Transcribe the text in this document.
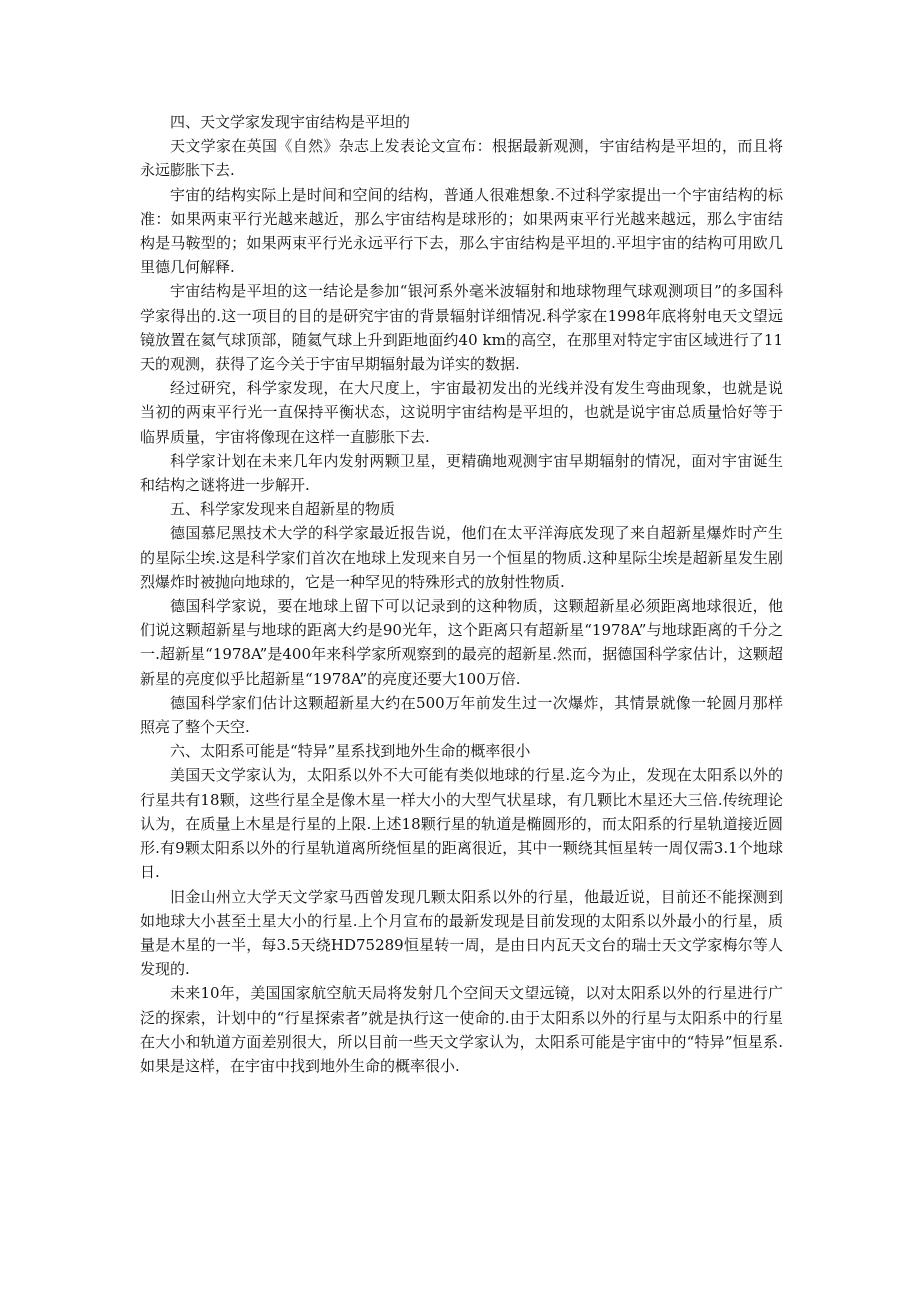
四、天文学家发现宇宙结构是平坦的

天文学家在英国《自然》杂志上发表论文宣布：根据最新观测，宇宙结构是平坦的，而且将永远膨胀下去.

宇宙的结构实际上是时间和空间的结构，普通人很难想象.不过科学家提出一个宇宙结构的标准：如果两束平行光越来越近，那么宇宙结构是球形的；如果两束平行光越来越远，那么宇宙结构是马鞍型的；如果两束平行光永远平行下去，那么宇宙结构是平坦的.平坦宇宙的结构可用欧几里德几何解释.

宇宙结构是平坦的这一结论是参加“银河系外毫米波辐射和地球物理气球观测项目”的多国科学家得出的.这一项目的目的是研究宇宙的背景辐射详细情况.科学家在1998年底将射电天文望远镜放置在氦气球顶部，随氦气球上升到距地面约40 km的高空，在那里对特定宇宙区域进行了11天的观测，获得了迄今关于宇宙早期辐射最为详实的数据.

经过研究，科学家发现，在大尺度上，宇宙最初发出的光线并没有发生弯曲现象，也就是说当初的两束平行光一直保持平衡状态，这说明宇宙结构是平坦的，也就是说宇宙总质量恰好等于临界质量，宇宙将像现在这样一直膨胀下去.

科学家计划在未来几年内发射两颗卫星，更精确地观测宇宙早期辐射的情况，面对宇宙诞生和结构之谜将进一步解开.

五、科学家发现来自超新星的物质

德国慕尼黑技术大学的科学家最近报告说，他们在太平洋海底发现了来自超新星爆炸时产生的星际尘埃.这是科学家们首次在地球上发现来自另一个恒星的物质.这种星际尘埃是超新星发生剧烈爆炸时被抛向地球的，它是一种罕见的特殊形式的放射性物质.

德国科学家说，要在地球上留下可以记录到的这种物质，这颗超新星必须距离地球很近，他们说这颗超新星与地球的距离大约是90光年，这个距离只有超新星“1978A”与地球距离的千分之一.超新星“1978A”是400年来科学家所观察到的最亮的超新星.然而，据德国科学家估计，这颗超新星的亮度似乎比超新星“1978A”的亮度还要大100万倍.

德国科学家们估计这颗超新星大约在500万年前发生过一次爆炸，其情景就像一轮圆月那样照亮了整个天空.

六、太阳系可能是“特异”星系找到地外生命的概率很小

美国天文学家认为，太阳系以外不大可能有类似地球的行星.迄今为止，发现在太阳系以外的行星共有18颗，这些行星全是像木星一样大小的大型气状星球，有几颗比木星还大三倍.传统理论认为，在质量上木星是行星的上限.上述18颗行星的轨道是椭圆形的，而太阳系的行星轨道接近圆形.有9颗太阳系以外的行星轨道离所绕恒星的距离很近，其中一颗绕其恒星转一周仅需3.1个地球日.

旧金山州立大学天文学家马西曾发现几颗太阳系以外的行星，他最近说，目前还不能探测到如地球大小甚至土星大小的行星.上个月宣布的最新发现是目前发现的太阳系以外最小的行星，质量是木星的一半，每3.5天绕HD75289恒星转一周，是由日内瓦天文台的瑞士天文学家梅尔等人发现的.

未来10年，美国国家航空航天局将发射几个空间天文望远镜，以对太阳系以外的行星进行广泛的探索，计划中的“行星探索者”就是执行这一使命的.由于太阳系以外的行星与太阳系中的行星在大小和轨道方面差别很大，所以目前一些天文学家认为，太阳系可能是宇宙中的“特异”恒星系.如果是这样，在宇宙中找到地外生命的概率很小.
